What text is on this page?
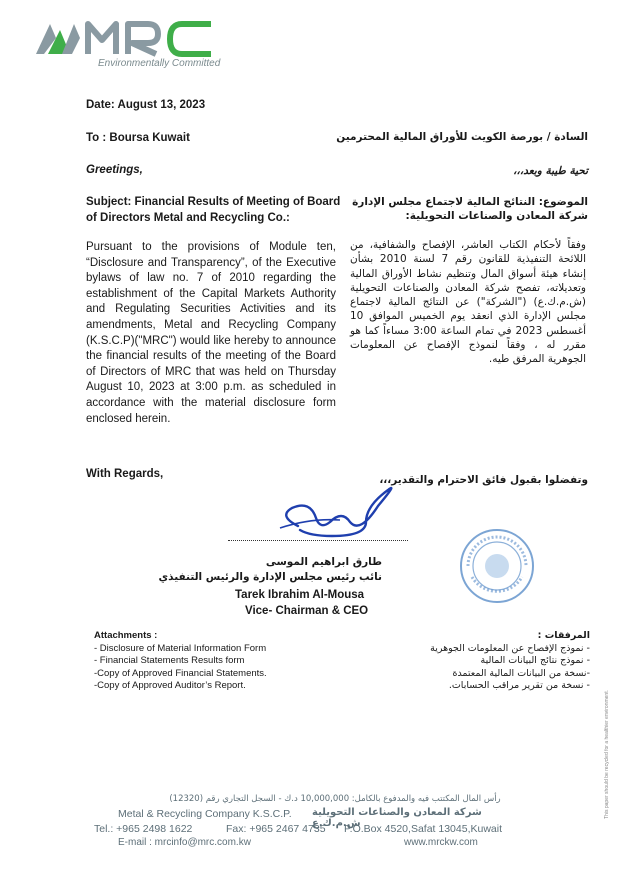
Environmentally Committed
Date: August 13, 2023
To : Boursa Kuwait	السادة / بورصة الكويت للأوراق المالية المحترمين
Greetings,	تحية طيبة وبعد،،،
Subject: Financial Results of Meeting of Board
of Directors Metal and Recycling Co.:
الموضوع: النتائج المالية لاجتماع مجلس الإدارة
شركة المعادن والصناعات التحويلية:
Pursuant to the provisions of Module ten, “Disclosure and Transparency”, of the Executive bylaws of law no. 7 of 2010 regarding the establishment of the Capital Markets Authority and Regulating Securities Activities and its amendments, Metal and Recycling Company (K.S.C.P)("MRC") would like hereby to announce the financial results of the meeting of the Board of Directors of MRC that was held on Thursday August 10, 2023 at 3:00 p.m. as scheduled in accordance with the material disclosure form enclosed herein.
وفقاً لأحكام الكتاب العاشر، الإفصاح والشفافية، من اللائحة التنفيذية للقانون رقم 7 لسنة 2010 بشأن إنشاء هيئة أسواق المال وتنظيم نشاط الأوراق المالية وتعديلاته، تفصح شركة المعادن والصناعات التحويلية (ش.م.ك.ع) ("الشركة") عن النتائج المالية لاجتماع مجلس الإدارة الذي انعقد يوم الخميس الموافق 10 أغسطس 2023 في تمام الساعة 3:00 مساءاً كما هو مقرر له ، وفقاً لنموذج الإفصاح عن المعلومات الجوهرية المرفق طيه.
With Regards,	وتفضلوا بقبول فائق الاحترام والتقدير،،،
طارق ابراهيم الموسى
نائب رئيس مجلس الإدارة والرئيس التنفيذي
Tarek Ibrahim Al-Mousa
Vice- Chairman & CEO
Attachments :
- Disclosure of Material Information Form
- Financial Statements Results form
-Copy of Approved Financial Statements.
-Copy of Approved Auditor’s Report.
المرفقات :
- نموذج الإفصاح عن المعلومات الجوهرية
- نموذج نتائج البيانات المالية
-نسخة من البيانات المالية المعتمدة
- نسخة من تقرير مراقب الحسابات.
This paper should be recycled for a healthier environment.
رأس المال المكتتب فيه والمدفوع بالكامل: 10,000,000 د.ك - السجل التجاري رقم (12320)
Metal & Recycling Company K.S.C.P. شركة المعادن والصناعات التحويلية ش.م.ك.ع
Tel.: +965 2498 1622	Fax: +965 2467 4735 P.O.Box 4520,Safat 13045,Kuwait
E-mail : mrcinfo@mrc.com.kw	www.mrckw.com
